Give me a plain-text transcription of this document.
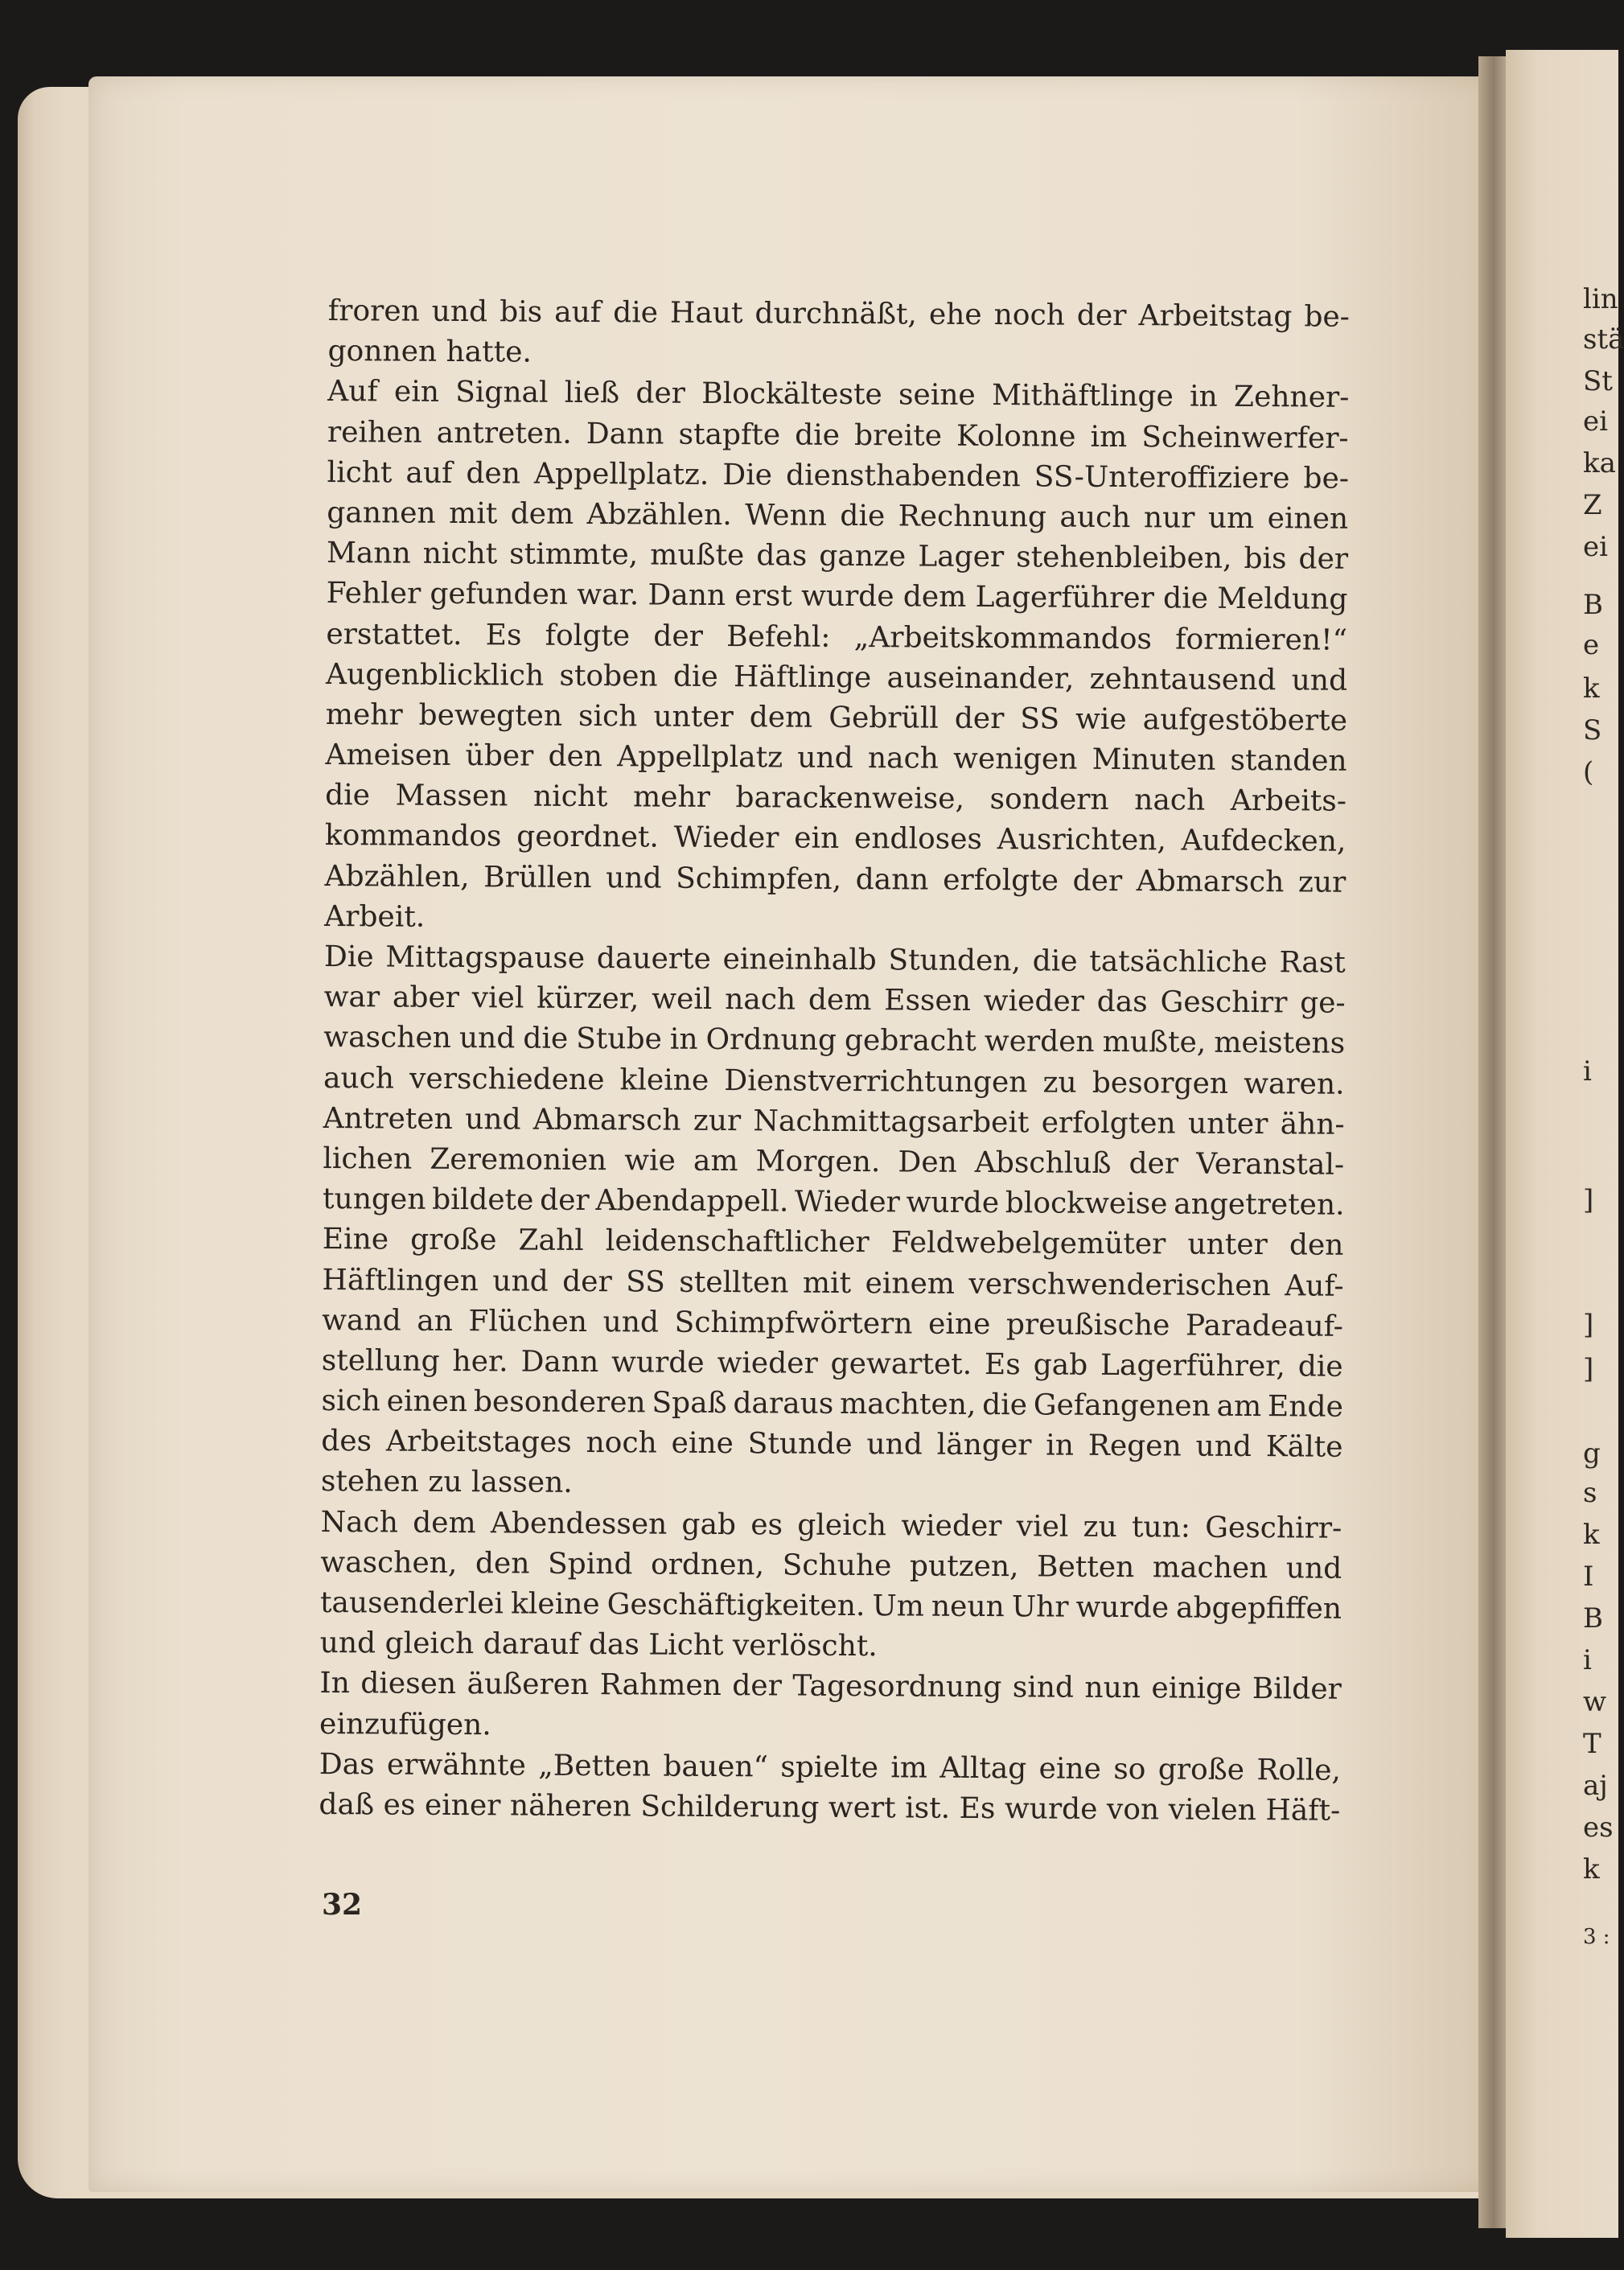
lin
stä
St
ei
ka
Z
ei
B
e
k
S
(
i
]
]
]
g
s
k
I
B
i
w
T
aj
es
k
3 :
froren und bis auf die Haut durchnäßt, ehe noch der Arbeitstag be-
gonnen hatte.
Auf ein Signal ließ der Blockälteste seine Mithäftlinge in Zehner-
reihen antreten. Dann stapfte die breite Kolonne im Scheinwerfer-
licht auf den Appellplatz. Die diensthabenden SS-Unteroffiziere be-
gannen mit dem Abzählen. Wenn die Rechnung auch nur um einen
Mann nicht stimmte, mußte das ganze Lager stehenbleiben, bis der
Fehler gefunden war. Dann erst wurde dem Lagerführer die Meldung
erstattet. Es folgte der Befehl: „Arbeitskommandos formieren!“
Augenblicklich stoben die Häftlinge auseinander, zehntausend und
mehr bewegten sich unter dem Gebrüll der SS wie aufgestöberte
Ameisen über den Appellplatz und nach wenigen Minuten standen
die Massen nicht mehr barackenweise, sondern nach Arbeits-
kommandos geordnet. Wieder ein endloses Ausrichten, Aufdecken,
Abzählen, Brüllen und Schimpfen, dann erfolgte der Abmarsch zur
Arbeit.
Die Mittagspause dauerte eineinhalb Stunden, die tatsächliche Rast
war aber viel kürzer, weil nach dem Essen wieder das Geschirr ge-
waschen und die Stube in Ordnung gebracht werden mußte, meistens
auch verschiedene kleine Dienstverrichtungen zu besorgen waren.
Antreten und Abmarsch zur Nachmittagsarbeit erfolgten unter ähn-
lichen Zeremonien wie am Morgen. Den Abschluß der Veranstal-
tungen bildete der Abendappell. Wieder wurde blockweise angetreten.
Eine große Zahl leidenschaftlicher Feldwebelgemüter unter den
Häftlingen und der SS stellten mit einem verschwenderischen Auf-
wand an Flüchen und Schimpfwörtern eine preußische Paradeauf-
stellung her. Dann wurde wieder gewartet. Es gab Lagerführer, die
sich einen besonderen Spaß daraus machten, die Gefangenen am Ende
des Arbeitstages noch eine Stunde und länger in Regen und Kälte
stehen zu lassen.
Nach dem Abendessen gab es gleich wieder viel zu tun: Geschirr-
waschen, den Spind ordnen, Schuhe putzen, Betten machen und
tausenderlei kleine Geschäftigkeiten. Um neun Uhr wurde abgepfiffen
und gleich darauf das Licht verlöscht.
In diesen äußeren Rahmen der Tagesordnung sind nun einige Bilder
einzufügen.
Das erwähnte „Betten bauen“ spielte im Alltag eine so große Rolle,
daß es einer näheren Schilderung wert ist. Es wurde von vielen Häft-
32
